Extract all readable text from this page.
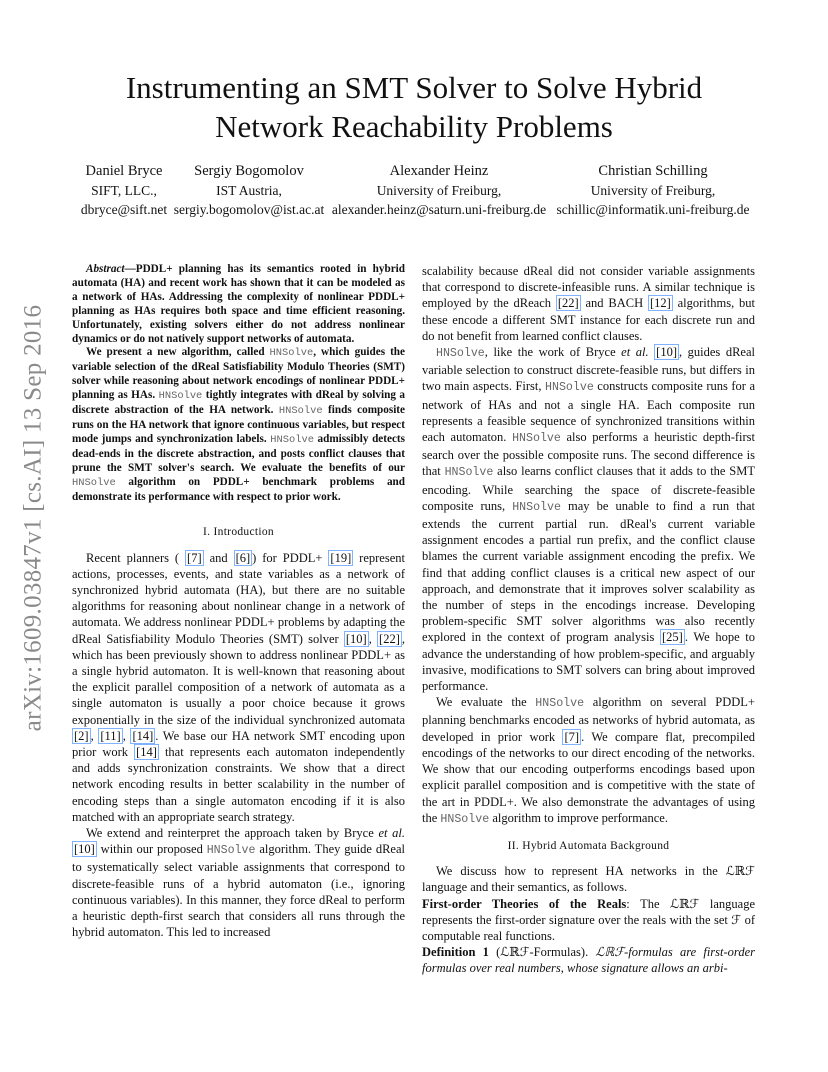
arXiv:1609.03847v1 [cs.AI] 13 Sep 2016
Instrumenting an SMT Solver to Solve Hybrid
Network Reachability Problems
Daniel Bryce
SIFT, LLC.,
dbryce@sift.net
Sergiy Bogomolov
IST Austria,
sergiy.bogomolov@ist.ac.at
Alexander Heinz
University of Freiburg,
alexander.heinz@saturn.uni-freiburg.de
Christian Schilling
University of Freiburg,
schillic@informatik.uni-freiburg.de

Abstract—PDDL+ planning has its semantics rooted in hybrid automata (HA) and recent work has shown that it can be modeled as a network of HAs. Addressing the complexity of nonlinear PDDL+ planning as HAs requires both space and time efficient reasoning. Unfortunately, existing solvers either do not address nonlinear dynamics or do not natively support networks of automata.

We present a new algorithm, called HNSolve, which guides the variable selection of the dReal Satisfiability Modulo Theories (SMT) solver while reasoning about network encodings of nonlinear PDDL+ planning as HAs. HNSolve tightly integrates with dReal by solving a discrete abstraction of the HA network. HNSolve finds composite runs on the HA network that ignore continuous variables, but respect mode jumps and synchronization labels. HNSolve admissibly detects dead-ends in the discrete abstraction, and posts conflict clauses that prune the SMT solver's search. We evaluate the benefits of our HNSolve algorithm on PDDL+ benchmark problems and demonstrate its performance with respect to prior work.

I. Introduction

Recent planners ( [7] and [6] ) for PDDL+ [19] represent actions, processes, events, and state variables as a network of synchronized hybrid automata (HA), but there are no suitable algorithms for reasoning about nonlinear change in a network of automata. We address nonlinear PDDL+ problems by adapting the dReal Satisfiability Modulo Theories (SMT) solver [10] , [22] , which has been previously shown to address nonlinear PDDL+ as a single hybrid automaton. It is well-known that reasoning about the explicit parallel composition of a network of automata as a single automaton is usually a poor choice because it grows exponentially in the size of the individual synchronized automata [2] , [11] , [14] . We base our HA network SMT encoding upon prior work [14] that represents each automaton independently and adds synchronization constraints. We show that a direct network encoding results in better scalability in the number of encoding steps than a single automaton encoding if it is also matched with an appropriate search strategy.

We extend and reinterpret the approach taken by Bryce et al. [10] within our proposed HNSolve algorithm. They guide dReal to systematically select variable assignments that correspond to discrete-feasible runs of a hybrid automaton (i.e., ignoring continuous variables). In this manner, they force dReal to perform a heuristic depth-first search that considers all runs through the hybrid automaton. This led to increased

scalability because dReal did not consider variable assignments that correspond to discrete-infeasible runs. A similar technique is employed by the dReach [22] and BACH [12] algorithms, but these encode a different SMT instance for each discrete run and do not benefit from learned conflict clauses.

HNSolve, like the work of Bryce et al. [10] , guides dReal variable selection to construct discrete-feasible runs, but differs in two main aspects. First, HNSolve constructs composite runs for a network of HAs and not a single HA. Each composite run represents a feasible sequence of synchronized transitions within each automaton. HNSolve also performs a heuristic depth-first search over the possible composite runs. The second difference is that HNSolve also learns conflict clauses that it adds to the SMT encoding. While searching the space of discrete-feasible composite runs, HNSolve may be unable to find a run that extends the current partial run. dReal's current variable assignment encodes a partial run prefix, and the conflict clause blames the current variable assignment encoding the prefix. We find that adding conflict clauses is a critical new aspect of our approach, and demonstrate that it improves solver scalability as the number of steps in the encodings increase. Developing problem-specific SMT solver algorithms was also recently explored in the context of program analysis [25] . We hope to advance the understanding of how problem-specific, and arguably invasive, modifications to SMT solvers can bring about improved performance.

We evaluate the HNSolve algorithm on several PDDL+ planning benchmarks encoded as networks of hybrid automata, as developed in prior work [7] . We compare flat, precompiled encodings of the networks to our direct encoding of the networks. We show that our encoding outperforms encodings based upon explicit parallel composition and is competitive with the state of the art in PDDL+. We also demonstrate the advantages of using the HNSolve algorithm to improve performance.

II. Hybrid Automata Background

We discuss how to represent HA networks in the ℒℝℱ language and their semantics, as follows.

First-order Theories of the Reals: The ℒℝℱ language represents the first-order signature over the reals with the set ℱ of computable real functions.

Definition 1 (ℒℝℱ-Formulas). ℒℝℱ-formulas are first-order formulas over real numbers, whose signature allows an arbi-
